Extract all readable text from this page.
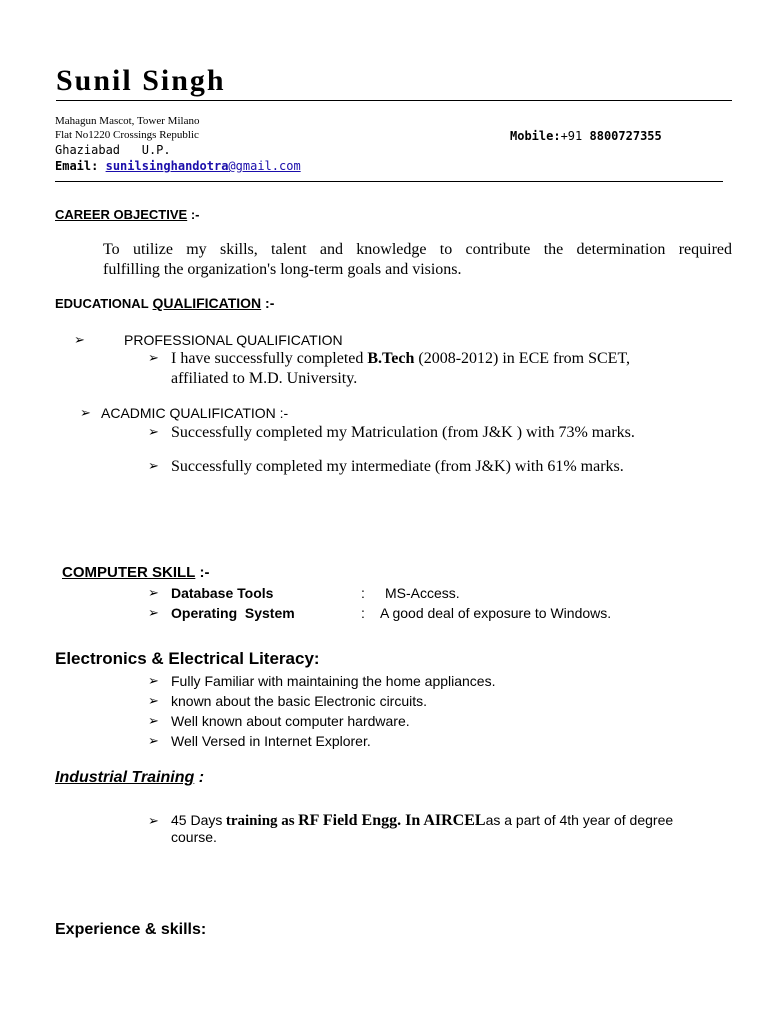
Sunil Singh
Mahagun Mascot, Tower Milano
Flat No1220 Crossings Republic
Ghaziabad U.P.
Mobile:+91 8800727355
Email: sunilsinghandotra@gmail.com
CAREER OBJECTIVE :-
To utilize my skills, talent and knowledge to contribute the determination required
fulfilling the organization's long-term goals and visions.
EDUCATIONAL QUALIFICATION :-
➢	PROFESSIONAL QUALIFICATION
➢ I have successfully completed B.Tech (2008-2012) in ECE from SCET,
affiliated to M.D. University.
➢ ACADMIC QUALIFICATION :-
➢ Successfully completed my Matriculation (from J&K ) with 73% marks.
➢ Successfully completed my intermediate (from J&K) with 61% marks.
COMPUTER SKILL :-
➢ Database Tools	: MS-Access.
➢ Operating  System	: A good deal of exposure to Windows.
Electronics & Electrical Literacy:
➢ Fully Familiar with maintaining the home appliances.
➢ known about the basic Electronic circuits.
➢ Well known about computer hardware.
➢ Well Versed in Internet Explorer.
Industrial Training :
➢ 45 Days training as RF Field Engg. In AIRCELas a part of 4th year of degree
course.
Experience & skills:
